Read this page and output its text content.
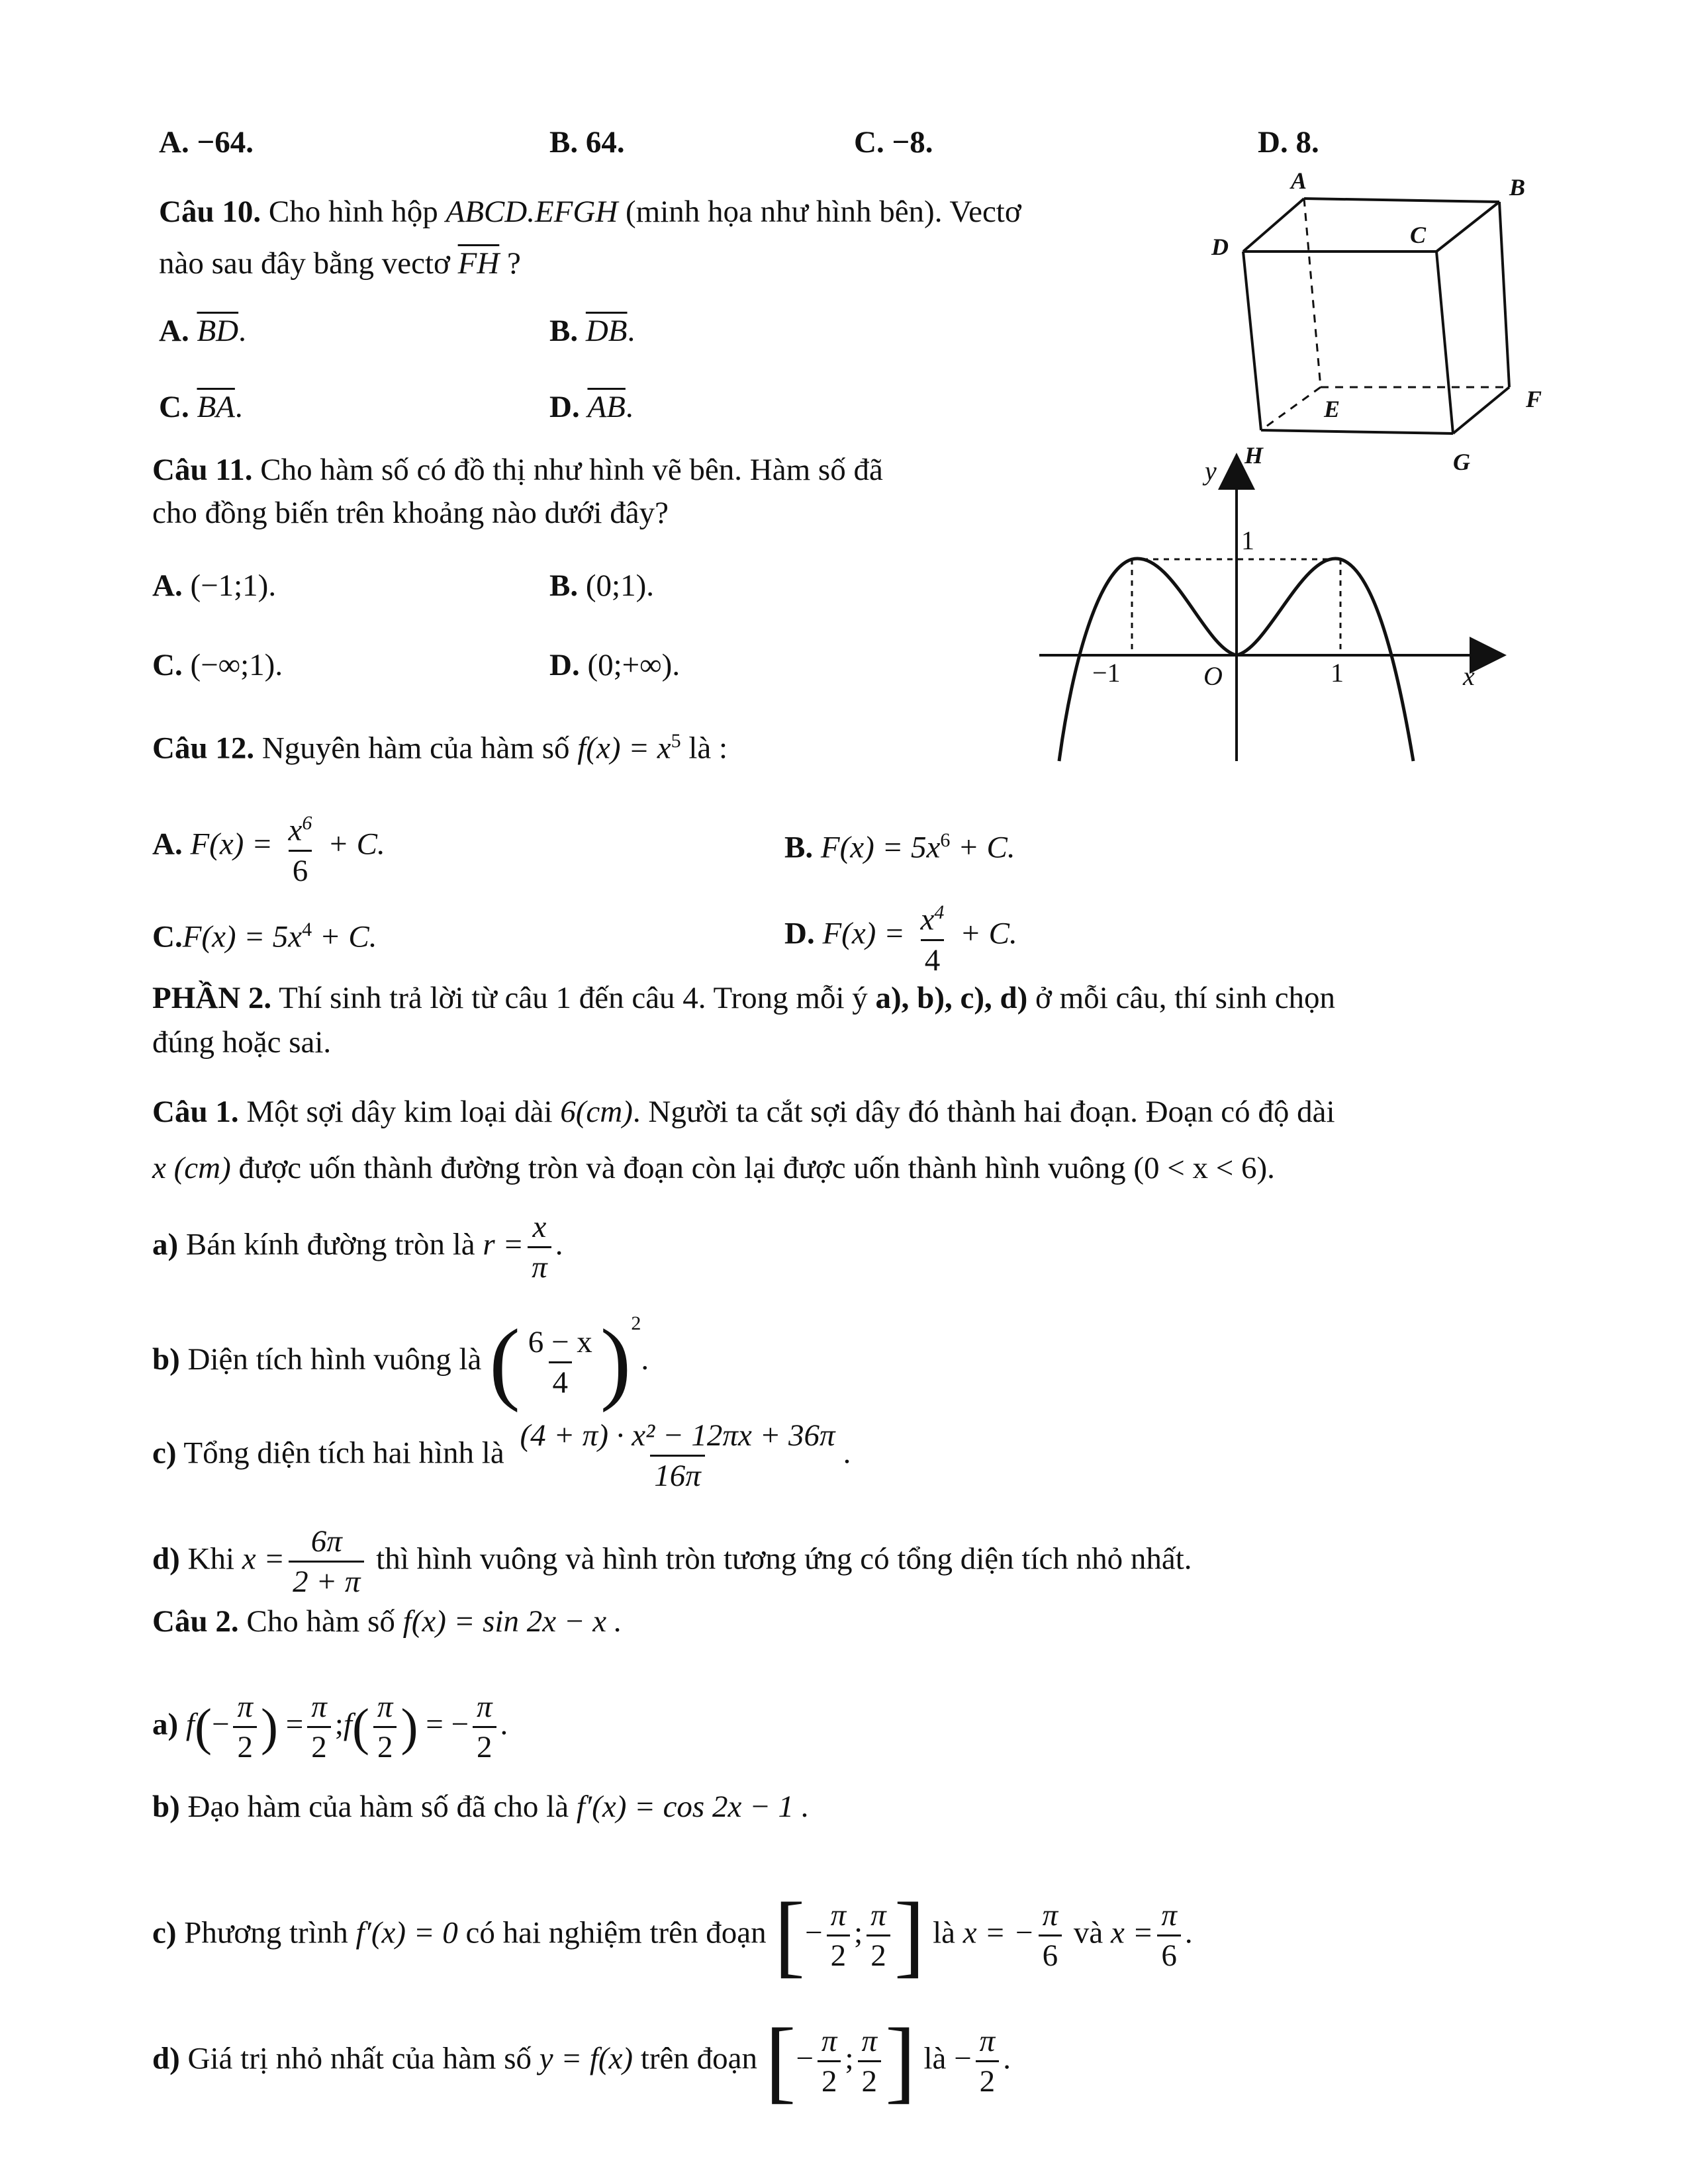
A. −64.	B. 64.	C. −8.	D. 8.
Câu 10. Cho hình hộp ABCD.EFGH (minh họa như hình bên). Vectơ
nào sau đây bằng vectơ $\overline{FH}$ ?
A. $\overline{BD}$.	B. $\overline{DB}$.
C. $\overline{BA}$.	D. $\overline{AB}$.
A	B
C
D
E	F
G
H
Câu 11. Cho hàm số có đồ thị như hình vẽ bên. Hàm số đã
cho đồng biến trên khoảng nào dưới đây?
A. (−1;1).	B. (0;1).
C. (−∞;1).	D. (0;+∞).
y
x
O
1
−1	1
Câu 12. Nguyên hàm của hàm số $f(x) = x^5$ là :
A. $F(x) = \frac{x^6}{6} + C$.	B. $F(x) = 5x^6 + C$.
$C.F(x) = 5x^4 + C$.	D. $F(x) = \frac{x^4}{4} + C$.
PHẦN 2. Thí sinh trả lời từ câu 1 đến câu 4. Trong mỗi ý a), b), c), d) ở mỗi câu, thí sinh chọn
đúng hoặc sai.
Câu 1. Một sợi dây kim loại dài 6(cm). Người ta cắt sợi dây đó thành hai đoạn. Đoạn có độ dài
x (cm) được uốn thành đường tròn và đoạn còn lại được uốn thành hình vuông (0 < x < 6).
a) Bán kính đường tròn là $r = \frac{x}{\pi}$ .
b) Diện tích hình vuông là ( $\frac{6 - x}{4} )^2$.
c) Tổng diện tích hai hình là $\frac{\text{(4 + π) · x² − 12πx + 36π}}{16\pi}$ .
d) Khi $x = \frac{6\pi}{2 + \pi}$ thì hình vuông và hình tròn tương ứng có tổng diện tích nhỏ nhất.
Câu 2. Cho hàm số f(x) = sin 2x − x .
a) $f(- \frac{\pi}{2}$ ) = $\frac{\pi}{2}$ ;f( $\frac{\pi}{2}$ ) = − $\frac{\pi}{2}$ .
b) Đạo hàm của hàm số đã cho là f′(x) = cos 2x − 1 .
c) Phương trình f′(x) = 0 có hai nghiệm trên đoạn [− $\frac{\pi}{2}$ ; $\frac{\pi}{2}$ ] là x = − $\frac{\pi}{6}$ và $x = \frac{\pi}{6}$ .
d) Giá trị nhỏ nhất của hàm số y = f(x) trên đoạn [− $\frac{\pi}{2}$ ; $\frac{\pi}{2}$ ] là − $\frac{\pi}{2}$ .
